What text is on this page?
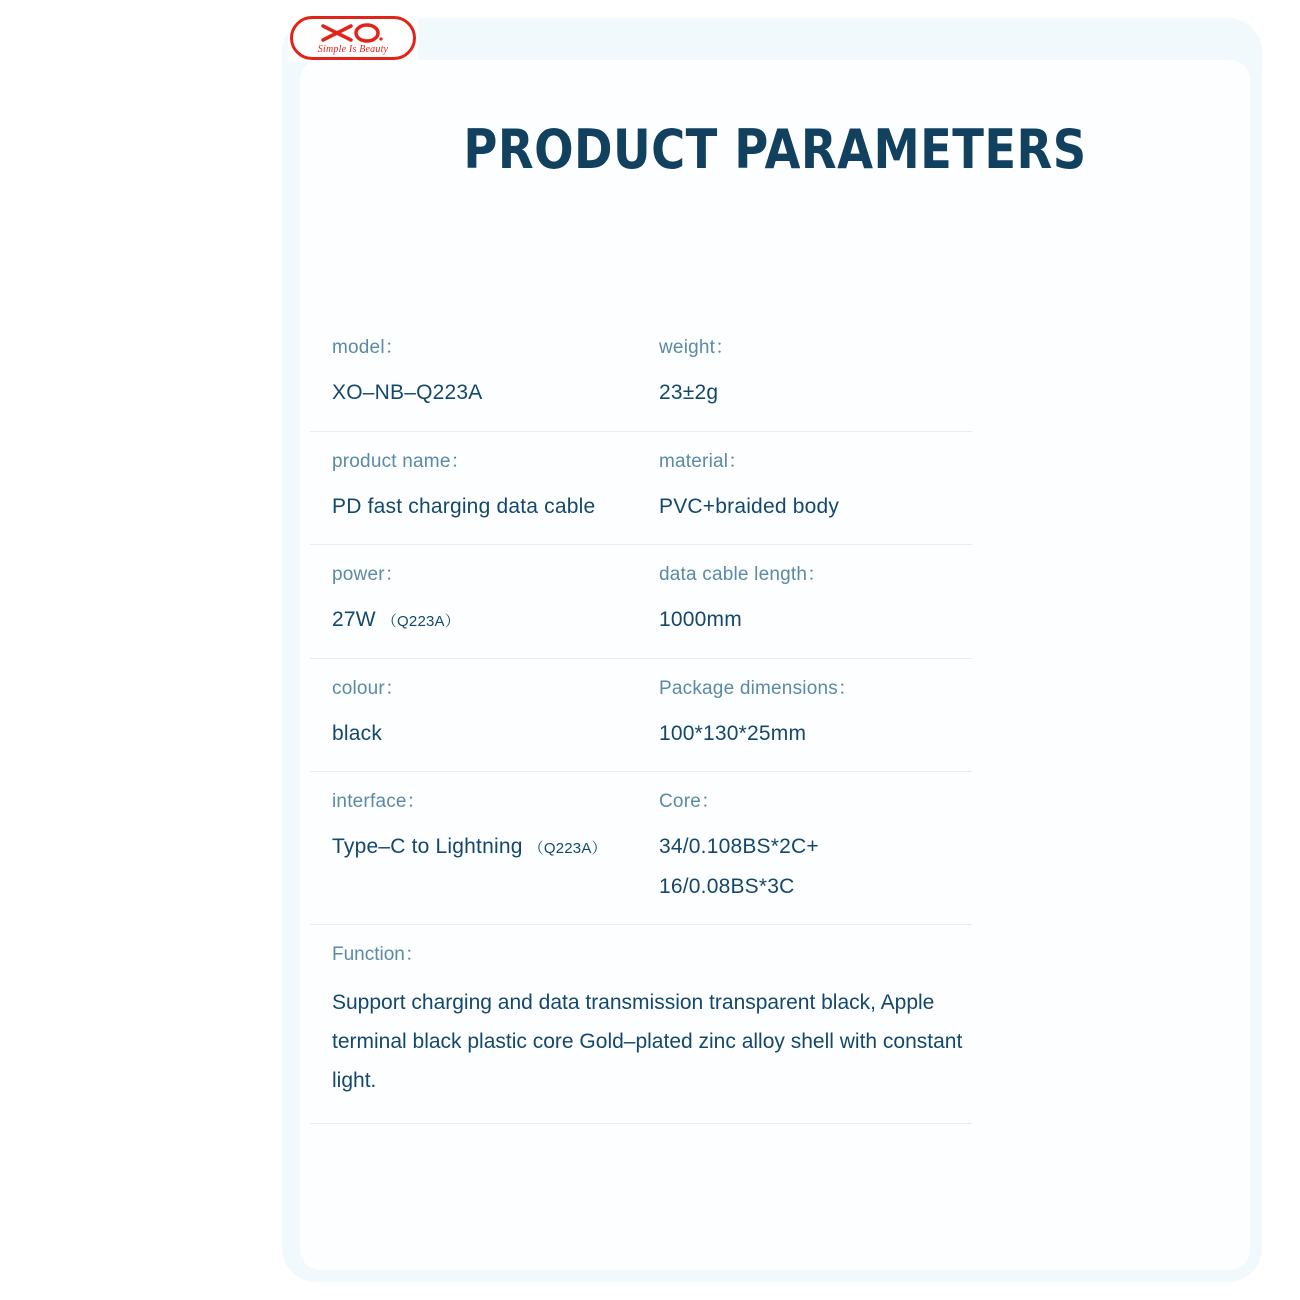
Simple Is Beauty
PRODUCT PARAMETERS
model：
XO–NB–Q223A
weight：
23±2g
product name：
PD fast charging data cable
material：
PVC+braided body
power：
27W （Q223A）
data cable length：
1000mm
colour：
black
Package dimensions：
100*130*25mm
interface：
Type–C to Lightning （Q223A）
Core：
34/0.108BS*2C+
16/0.08BS*3C
Function：
Support charging and data transmission transparent black, Apple terminal black plastic core Gold–plated zinc alloy shell with constant light.
